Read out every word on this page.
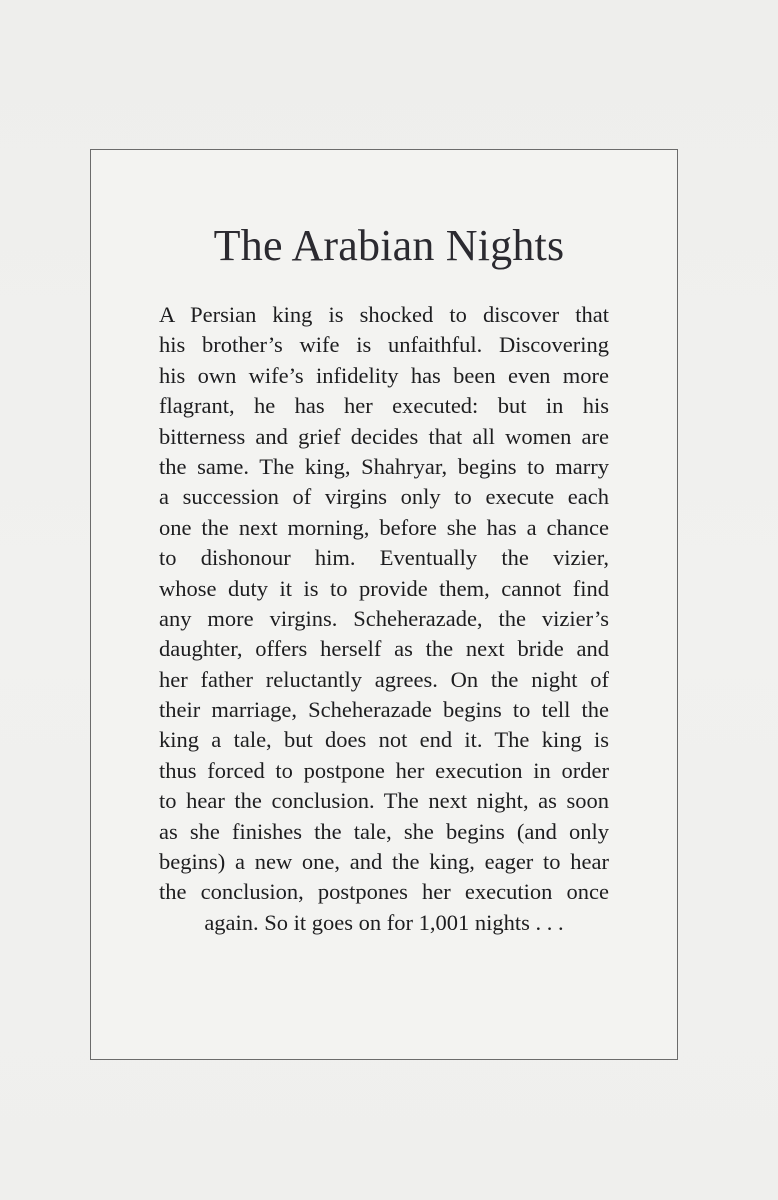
The Arabian Nights
A Persian king is shocked to discover that
his brother’s wife is unfaithful. Discovering
his own wife’s infidelity has been even more
flagrant, he has her executed: but in his
bitterness and grief decides that all women are
the same. The king, Shahryar, begins to marry
a succession of virgins only to execute each
one the next morning, before she has a chance
to dishonour him. Eventually the vizier,
whose duty it is to provide them, cannot find
any more virgins. Scheherazade, the vizier’s
daughter, offers herself as the next bride and
her father reluctantly agrees. On the night of
their marriage, Scheherazade begins to tell the
king a tale, but does not end it. The king is
thus forced to postpone her execution in order
to hear the conclusion. The next night, as soon
as she finishes the tale, she begins (and only
begins) a new one, and the king, eager to hear
the conclusion, postpones her execution once
again. So it goes on for 1,001 nights . . .
